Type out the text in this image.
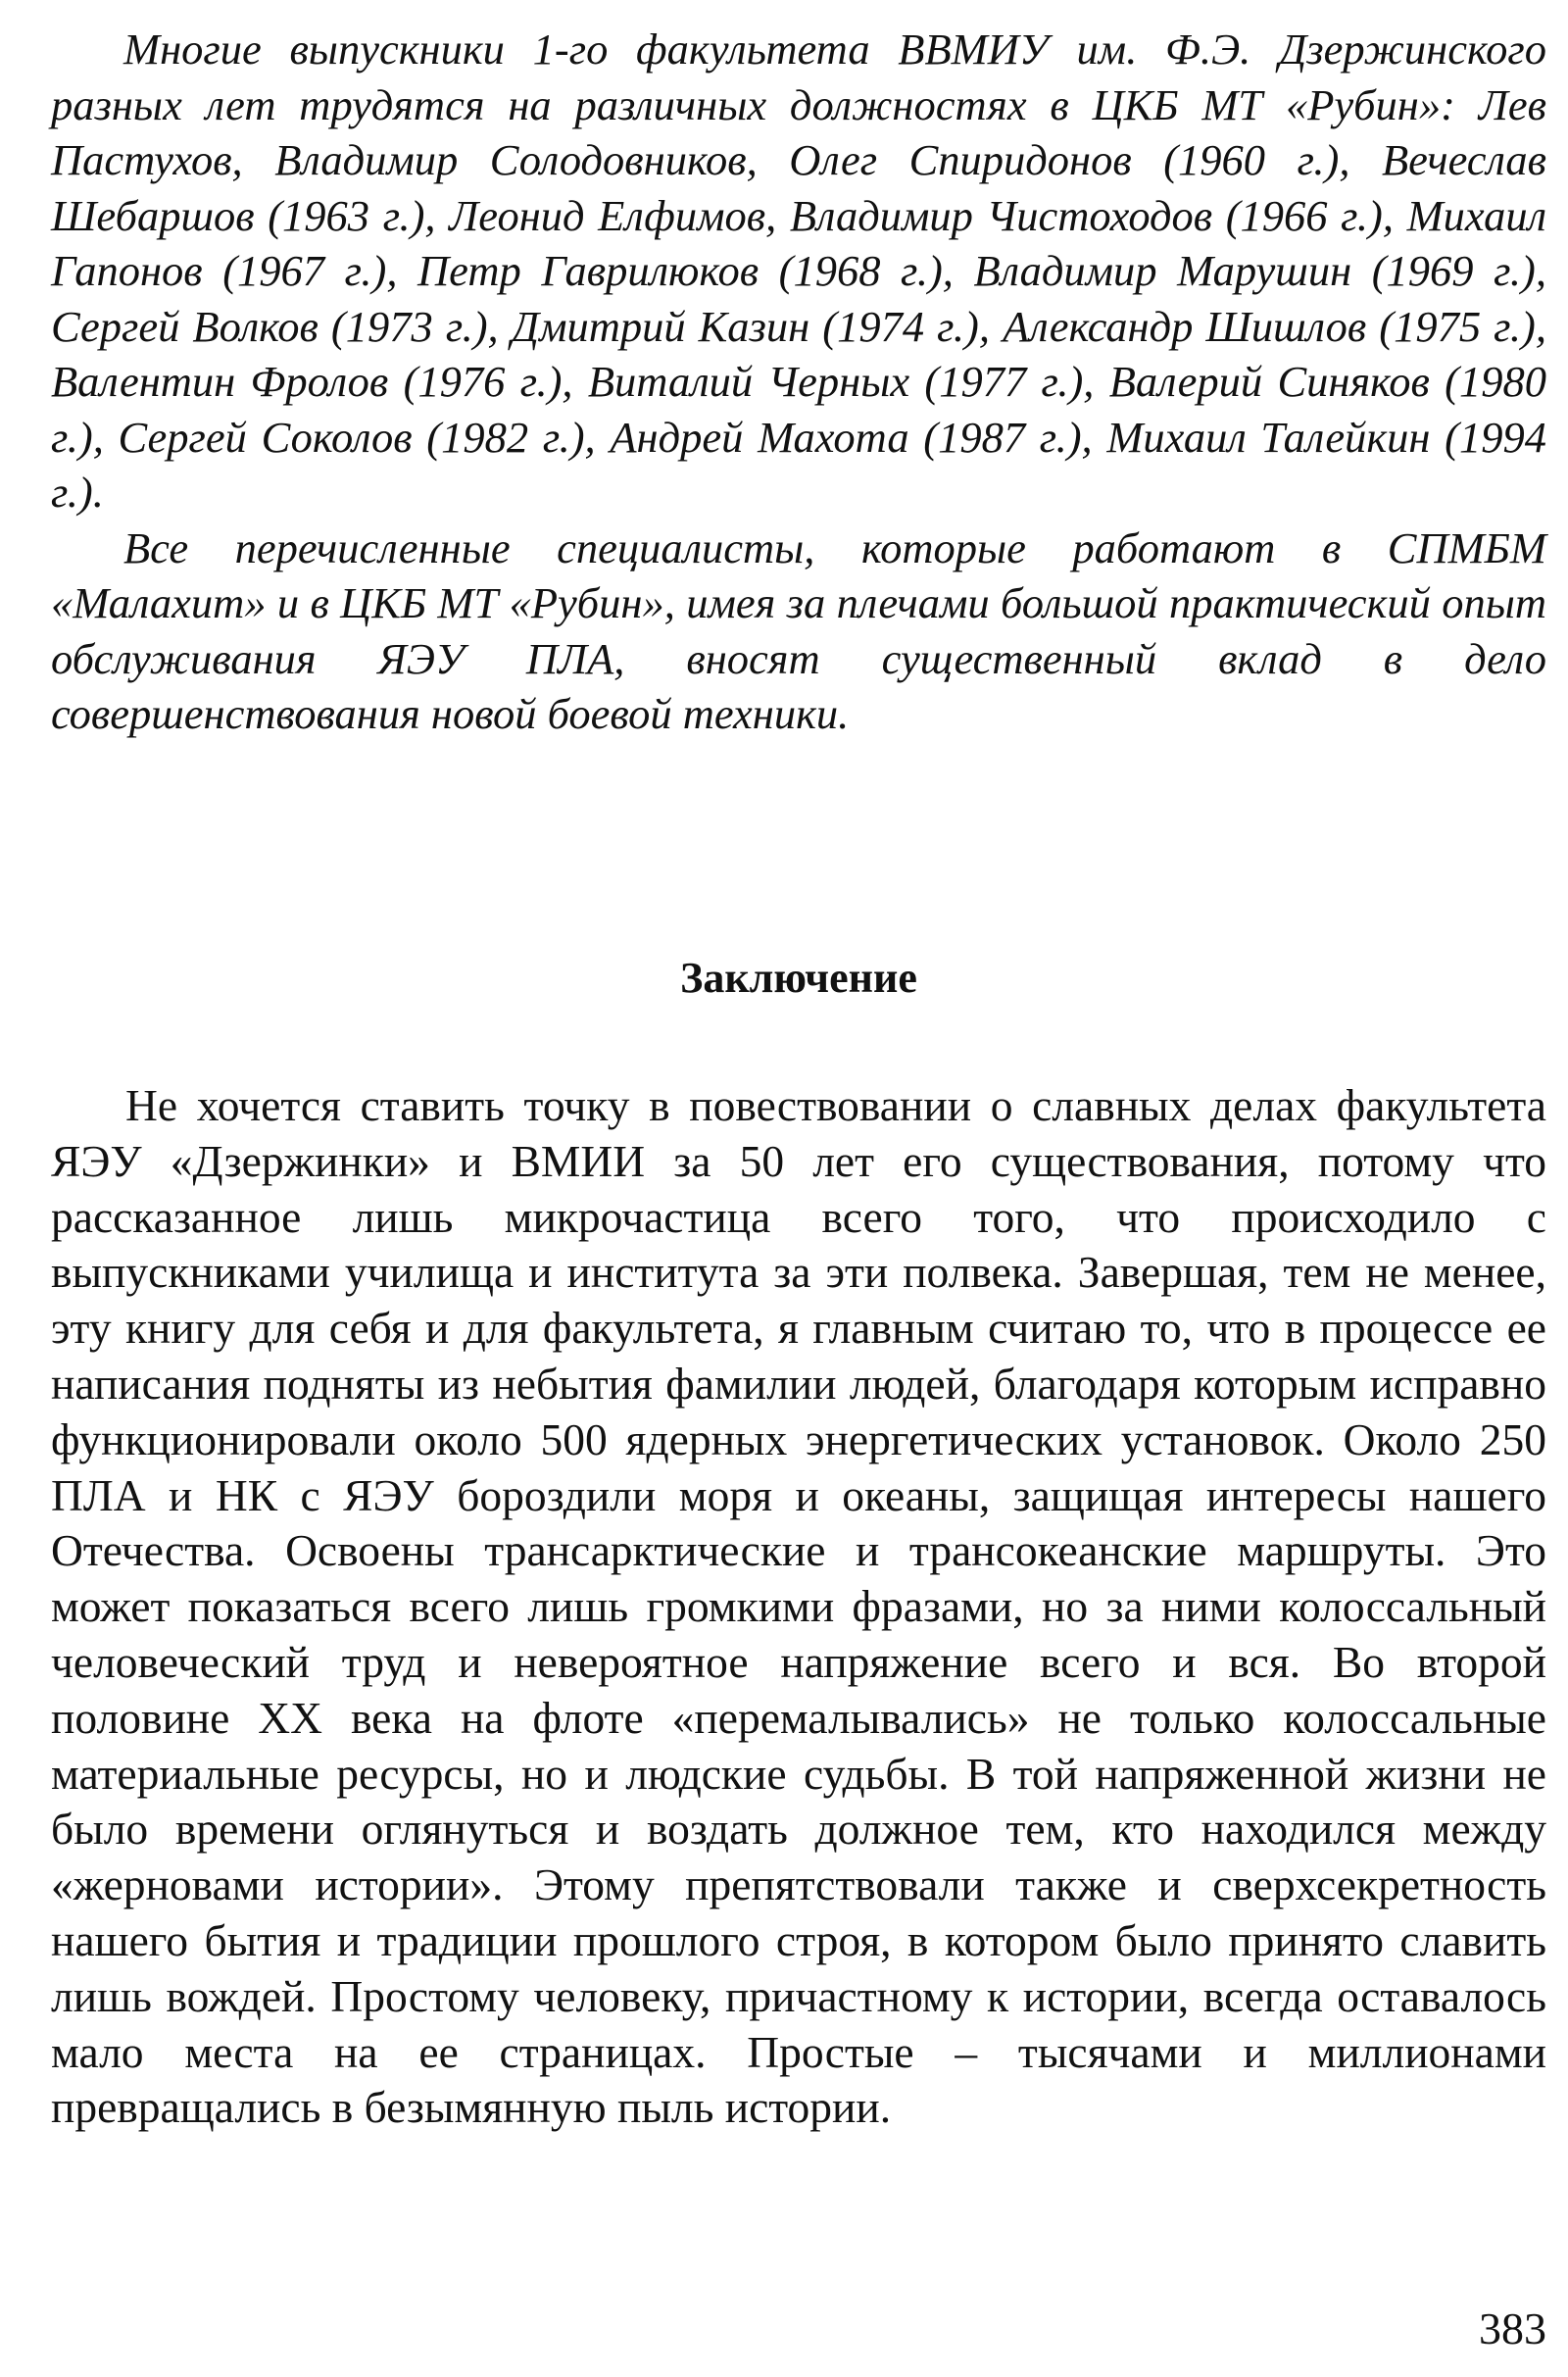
Многие выпускники 1-го факультета ВВМИУ им. Ф.Э. Дзержинского разных лет трудятся на различных должностях в ЦКБ МТ «Рубин»: Лев Пастухов, Владимир Солодовников, Олег Спиридонов (1960 г.), Вечеслав Шебаршов (1963 г.), Леонид Елфимов, Владимир Чистоходов (1966 г.), Михаил Гапонов (1967 г.), Петр Гаврилюков (1968 г.), Владимир Марушин (1969 г.), Сергей Волков (1973 г.), Дмитрий Казин (1974 г.), Александр Шишлов (1975 г.), Валентин Фролов (1976 г.), Виталий Черных (1977 г.), Валерий Синяков (1980 г.), Сергей Соколов (1982 г.), Андрей Махота (1987 г.), Михаил Талейкин (1994 г.).

Все перечисленные специалисты, которые работают в СПМБМ «Малахит» и в ЦКБ МТ «Рубин», имея за плечами большой практический опыт обслуживания ЯЭУ ПЛА, вносят существенный вклад в дело совершенствования новой боевой техники.

Заключение

Не хочется ставить точку в повествовании о славных делах факультета ЯЭУ «Дзержинки» и ВМИИ за 50 лет его существования, потому что рассказанное лишь микрочастица всего того, что происходило с выпускниками училища и института за эти полвека. Завершая, тем не менее, эту книгу для себя и для факультета, я главным считаю то, что в процессе ее написания подняты из небытия фамилии людей, благодаря которым исправно функционировали около 500 ядерных энергетических установок. Около 250 ПЛА и НК с ЯЭУ бороздили моря и океаны, защищая интересы нашего Отечества. Освоены трансарктические и трансокеанские маршруты. Это может показаться всего лишь громкими фразами, но за ними колоссальный человеческий труд и невероятное напряжение всего и вся. Во второй половине XX века на флоте «перемалывались» не только колоссальные материальные ресурсы, но и людские судьбы. В той напряженной жизни не было времени оглянуться и воздать должное тем, кто находился между «жерновами истории». Этому препятствовали также и сверхсекретность нашего бытия и традиции прошлого строя, в котором было принято славить лишь вождей. Простому человеку, причастному к истории, всегда оставалось мало места на ее страницах. Простые – тысячами и миллионами превращались в безымянную пыль истории.

383
